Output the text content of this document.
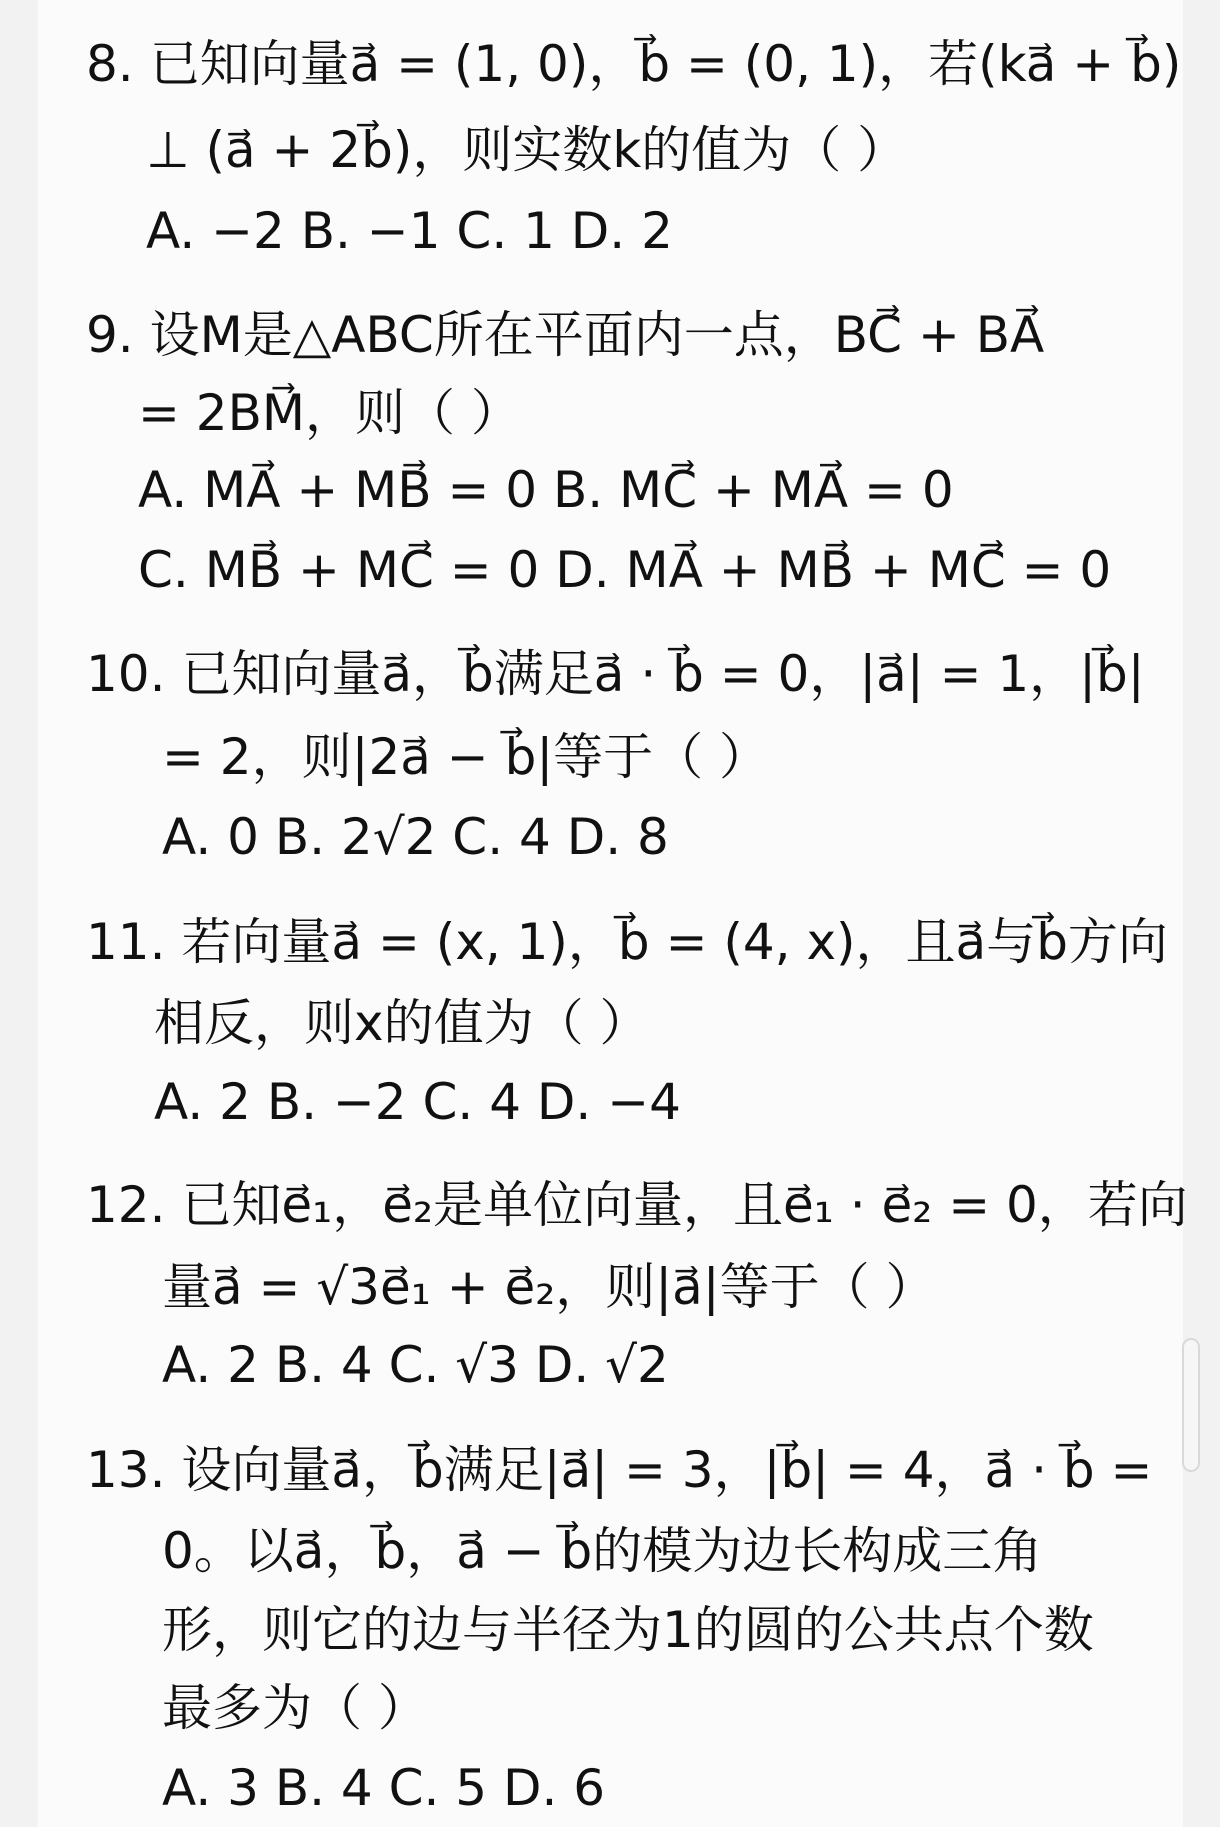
8. 已知向量a⃗ = (1, 0)，b⃗ = (0, 1)，若(ka⃗ + b⃗)
⊥ (a⃗ + 2b⃗)，则实数k的值为（ ）
A. −2 B. −1 C. 1 D. 2
9. 设M是△ABC所在平面内一点，BC⃗ + BA⃗
= 2BM⃗，则（ ）
A. MA⃗ + MB⃗ = 0 B. MC⃗ + MA⃗ = 0
C. MB⃗ + MC⃗ = 0 D. MA⃗ + MB⃗ + MC⃗ = 0
10. 已知向量a⃗，b⃗满足a⃗ · b⃗ = 0，|a⃗| = 1，|b⃗|
= 2，则|2a⃗ − b⃗|等于（ ）
A. 0 B. 2√2 C. 4 D. 8
11. 若向量a⃗ = (x, 1)，b⃗ = (4, x)，且a⃗与b⃗方向
相反，则x的值为（ ）
A. 2 B. −2 C. 4 D. −4
12. 已知e⃗₁，e⃗₂是单位向量，且e⃗₁ · e⃗₂ = 0，若向
量a⃗ = √3e⃗₁ + e⃗₂，则|a⃗|等于（ ）
A. 2 B. 4 C. √3 D. √2
13. 设向量a⃗，b⃗满足|a⃗| = 3，|b⃗| = 4，a⃗ · b⃗ =
0。以a⃗，b⃗，a⃗ − b⃗的模为边长构成三角
形，则它的边与半径为1的圆的公共点个数
最多为（ ）
A. 3 B. 4 C. 5 D. 6
